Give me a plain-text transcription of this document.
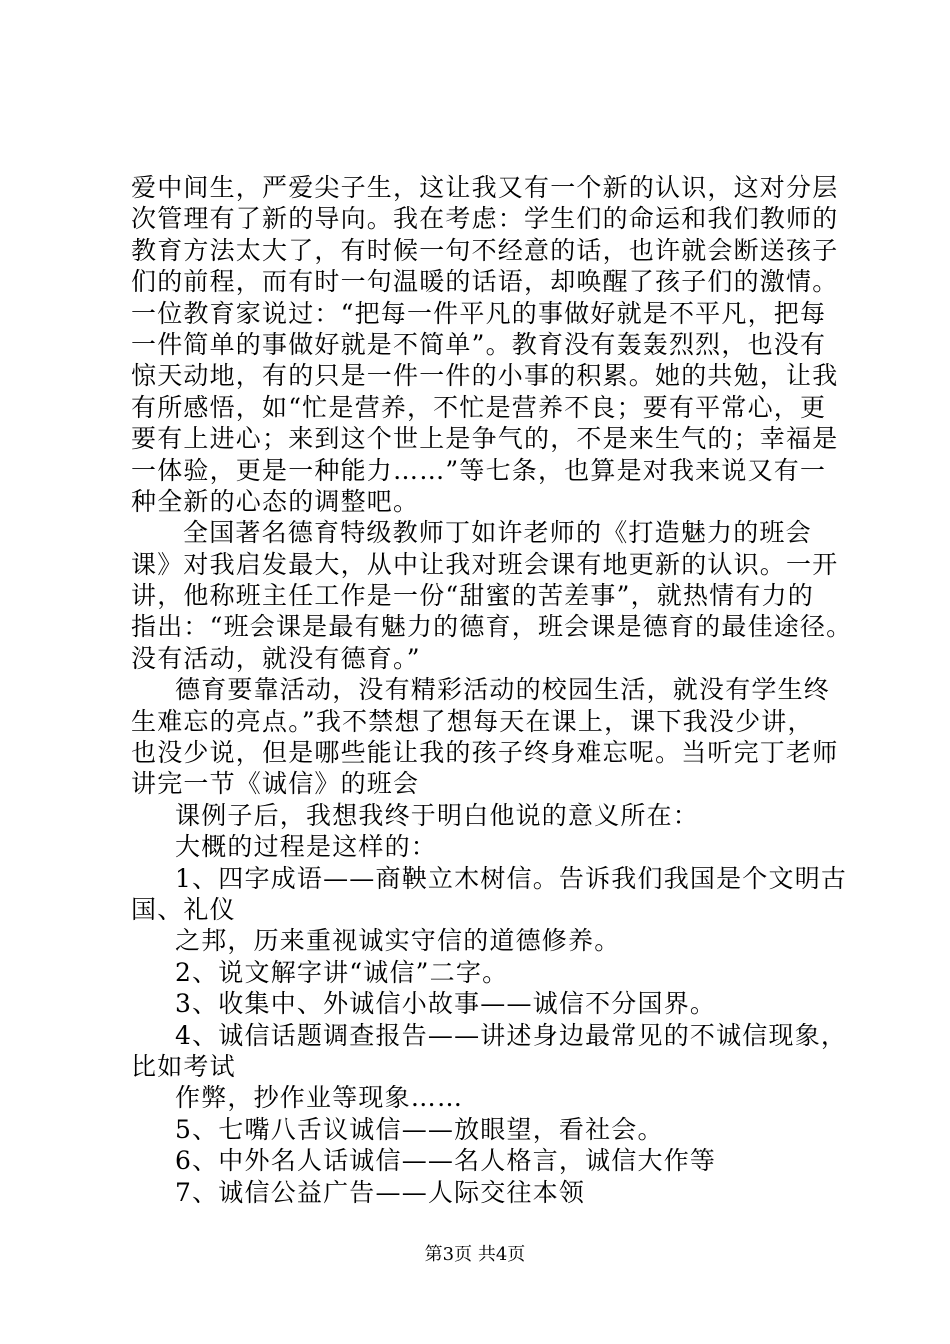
爱中间生，严爱尖子生，这让我又有一个新的认识，这对分层
次管理有了新的导向。我在考虑：学生们的命运和我们教师的
教育方法太大了，有时候一句不经意的话，也许就会断送孩子
们的前程，而有时一句温暖的话语，却唤醒了孩子们的激情。
一位教育家说过：“把每一件平凡的事做好就是不平凡，把每
一件简单的事做好就是不简单”。教育没有轰轰烈烈，也没有
惊天动地，有的只是一件一件的小事的积累。她的共勉，让我
有所感悟，如“忙是营养，不忙是营养不良；要有平常心，更
要有上进心；来到这个世上是争气的，不是来生气的；幸福是
一体验，更是一种能力……”等七条，也算是对我来说又有一
种全新的心态的调整吧。
全国著名德育特级教师丁如许老师的《打造魅力的班会
课》对我启发最大，从中让我对班会课有地更新的认识。一开
讲，他称班主任工作是一份“甜蜜的苦差事”，就热情有力的
指出：“班会课是最有魅力的德育，班会课是德育的最佳途径。
没有活动，就没有德育。”
德育要靠活动，没有精彩活动的校园生活，就没有学生终
生难忘的亮点。”我不禁想了想每天在课上，课下我没少讲，
也没少说，但是哪些能让我的孩子终身难忘呢。当听完丁老师
讲完一节《诚信》的班会
课例子后，我想我终于明白他说的意义所在：
大概的过程是这样的：
1、四字成语——商鞅立木树信。告诉我们我国是个文明古
国、礼仪
之邦，历来重视诚实守信的道德修养。
2、说文解字讲“诚信”二字。
3、收集中、外诚信小故事——诚信不分国界。
4、诚信话题调查报告——讲述身边最常见的不诚信现象，
比如考试
作弊，抄作业等现象……
5、七嘴八舌议诚信——放眼望，看社会。
6、中外名人话诚信——名人格言，诚信大作等
7、诚信公益广告——人际交往本领
第3页 共4页
